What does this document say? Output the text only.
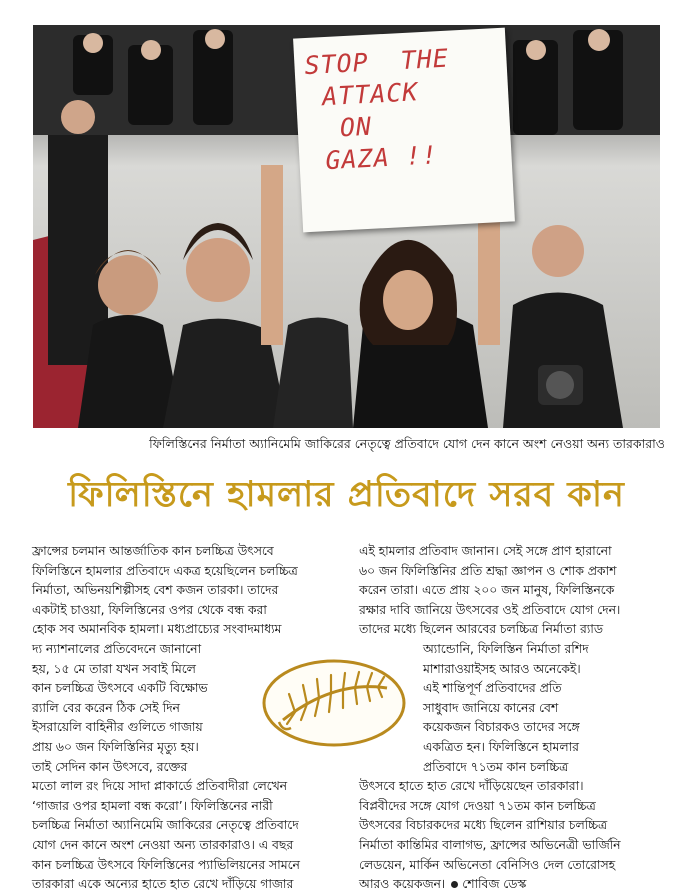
STOP  THE
ATTACK
ON
GAZA !!
ফিলিস্তিনের নির্মাতা অ্যানিমেমি জাকিরের নেতৃত্বে প্রতিবাদে যোগ দেন কানে অংশ নেওয়া অন্য তারকারাও
ফিলিস্তিনে হামলার প্রতিবাদে সরব কান
ফ্রান্সের চলমান আন্তর্জাতিক কান চলচ্চিত্র উৎসবে
ফিলিস্তিনে হামলার প্রতিবাদে একত্র হয়েছিলেন চলচ্চিত্র
নির্মাতা, অভিনয়শিল্পীসহ বেশ কজন তারকা। তাদের
একটাই চাওয়া, ফিলিস্তিনের ওপর থেকে বন্ধ করা
হোক সব অমানবিক হামলা। মধ্যপ্রাচ্যের সংবাদমাধ্যম
দ্য ন্যাশনালের প্রতিবেদনে জানানো
হয়, ১৫ মে তারা যখন সবাই মিলে
কান চলচ্চিত্র উৎসবে একটি বিক্ষোভ
র‍্যালি বের করেন ঠিক সেই দিন
ইসরায়েলি বাহিনীর গুলিতে গাজায়
প্রায় ৬০ জন ফিলিস্তিনির মৃত্যু হয়।
তাই সেদিন কান উৎসবে, রক্তের
মতো লাল রং দিয়ে সাদা প্লাকার্ডে প্রতিবাদীরা লেখেন
‘গাজার ওপর হামলা বন্ধ করো’। ফিলিস্তিনের নারী
চলচ্চিত্র নির্মাতা অ্যানিমেমি জাকিরের নেতৃত্বে প্রতিবাদে
যোগ দেন কানে অংশ নেওয়া অন্য তারকারাও। এ বছর
কান চলচ্চিত্র উৎসবে ফিলিস্তিনের প্যাভিলিয়নের সামনে
তারকারা একে অন্যের হাতে হাত রেখে দাঁড়িয়ে গাজার
এই হামলার প্রতিবাদ জানান। সেই সঙ্গে প্রাণ হারানো
৬০ জন ফিলিস্তিনির প্রতি শ্রদ্ধা জ্ঞাপন ও শোক প্রকাশ
করেন তারা। এতে প্রায় ২০০ জন মানুষ, ফিলিস্তিনকে
রক্ষার দাবি জানিয়ে উৎসবের ওই প্রতিবাদে যোগ দেন।
তাদের মধ্যে ছিলেন আরবের চলচ্চিত্র নির্মাতা র‍্যাড
অ্যান্ডোনি, ফিলিস্তিন নির্মাতা রশিদ
মাশারাওয়াইসহ আরও অনেকেই।
এই শান্তিপূর্ণ প্রতিবাদের প্রতি
সাধুবাদ জানিয়ে কানের বেশ
কয়েকজন বিচারকও তাদের সঙ্গে
একত্রিত হন। ফিলিস্তিনে হামলার
প্রতিবাদে ৭১তম কান চলচ্চিত্র
উৎসবে হাতে হাত রেখে দাঁড়িয়েছেন তারকারা।
বিপ্লবীদের সঙ্গে যোগ দেওয়া ৭১তম কান চলচ্চিত্র
উৎসবের বিচারকদের মধ্যে ছিলেন রাশিয়ার চলচ্চিত্র
নির্মাতা কান্তিমির বালাগভ, ফ্রান্সের অভিনেত্রী ভার্জিনি
লেডয়েন, মার্কিন অভিনেতা বেনিসিও দেল তোরোসহ
আরও কয়েকজন। শোবিজ ডেস্ক
